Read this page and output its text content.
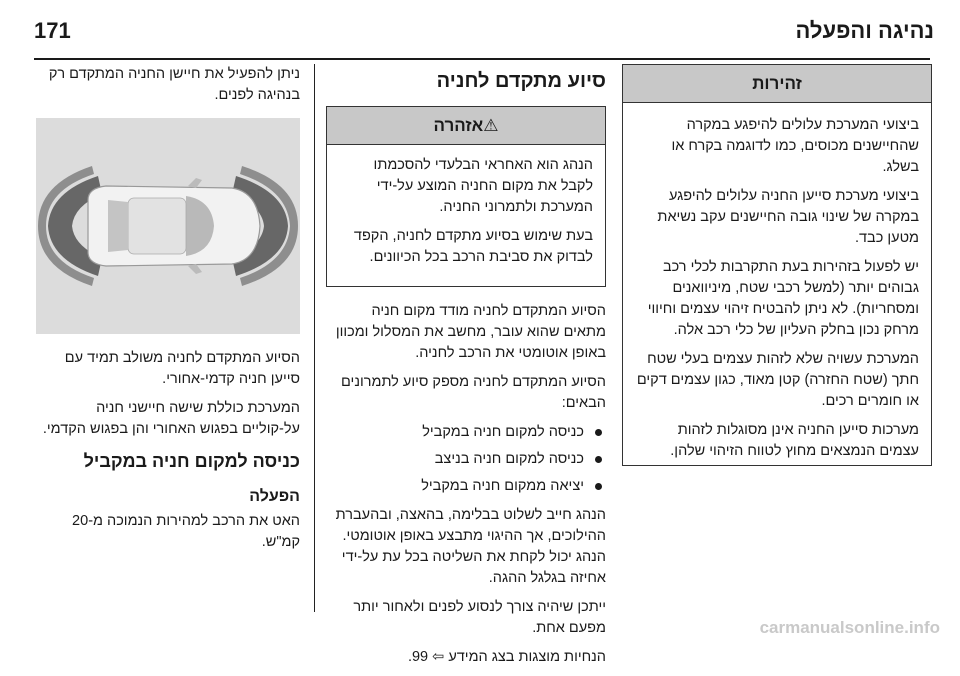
נהיגה והפעלה
171

ניתן להפעיל את חיישן החניה המתקדם רק בנהיגה לפנים.

הסיוע המתקדם לחניה משולב תמיד עם סייען חניה קדמי-אחורי.

המערכת כוללת שישה חיישני חניה על-קוליים בפגוש האחורי והן בפגוש הקדמי.

כניסה למקום חניה במקביל
הפעלה

האט את הרכב למהירות הנמוכה מ-20 קמ"ש.

סיוע מתקדם לחניה
⚠אזהרה

הנהג הוא האחראי הבלעדי להסכמתו לקבל את מקום החניה המוצע על-ידי המערכת ולתמרוני החניה.

בעת שימוש בסיוע מתקדם לחניה, הקפד לבדוק את סביבת הרכב בכל הכיוונים.

הסיוע המתקדם לחניה מודד מקום חניה מתאים שהוא עובר, מחשב את המסלול ומכוון באופן אוטומטי את הרכב לחניה.

הסיוע המתקדם לחניה מספק סיוע לתמרונים הבאים:

כניסה למקום חניה במקביל
כניסה למקום חניה בניצב
יציאה ממקום חניה במקביל

הנהג חייב לשלוט בבלימה, בהאצה, ובהעברת ההילוכים, אך ההיגוי מתבצע באופן אוטומטי. הנהג יכול לקחת את השליטה בכל עת על-ידי אחיזה בגלגל ההגה.

ייתכן שיהיה צורך לנסוע לפנים ולאחור יותר מפעם אחת.

הנחיות מוצגות בצג המידע ⇦ 99.

זהירות

ביצועי המערכת עלולים להיפגע במקרה שהחיישנים מכוסים, כמו לדוגמה בקרח או בשלג.

ביצועי מערכת סייען החניה עלולים להיפגע במקרה של שינוי גובה החיישנים עקב נשיאת מטען כבד.

יש לפעול בזהירות בעת התקרבות לכלי רכב גבוהים יותר (למשל רכבי שטח, מיניוואנים ומסחריות). לא ניתן להבטיח זיהוי עצמים וחיווי מרחק נכון בחלק העליון של כלי רכב אלה.

המערכת עשויה שלא לזהות עצמים בעלי שטח חתך (שטח החזרה) קטן מאוד, כגון עצמים דקים או חומרים רכים.

מערכות סייען החניה אינן מסוגלות לזהות עצמים הנמצאים מחוץ לטווח הזיהוי שלהן.

carmanualsonline.info
